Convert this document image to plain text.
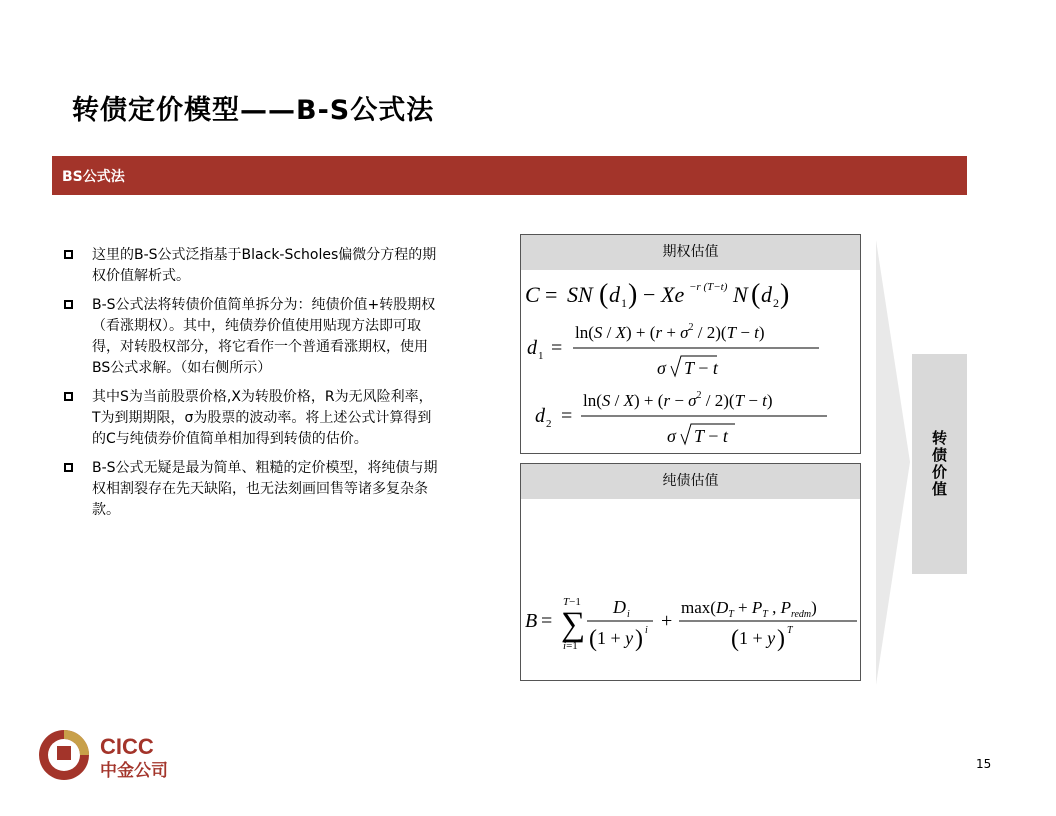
转债定价模型——B-S公式法
BS公式法
这里的B-S公式泛指基于Black-Scholes偏微分方程的期权价值解析式。
B-S公式法将转债价值简单拆分为：纯债价值+转股期权（看涨期权）。其中，纯债券价值使用贴现方法即可取得，对转股权部分，将它看作一个普通看涨期权，使用BS公式求解。（如右侧所示）
其中S为当前股票价格,X为转股价格，R为无风险利率，T为到期期限，σ为股票的波动率。将上述公式计算得到的C与纯债券价值简单相加得到转债的估价。
B-S公式无疑是最为简单、粗糙的定价模型，将纯债与期权相割裂存在先天缺陷，也无法刻画回售等诸多复杂条款。
期权估值
C = SN ( d 1 ) − Xe −r (T−t) N ( d 2 )
d 1 =
$\ln(S / X) + (r + \sigma^2 / 2)(T - t)$
σ T − t
d 2 =
$\ln(S / X) + (r - \sigma^2 / 2)(T - t)$
σ T − t
纯债估值
B =
T−1
∑
i=1
D i
( 1 + y ) i +
$\max(D_T + P_T$ , $P_{redm}$)
( 1 + y ) T
转
债
价
值
CICC
中金公司	15
